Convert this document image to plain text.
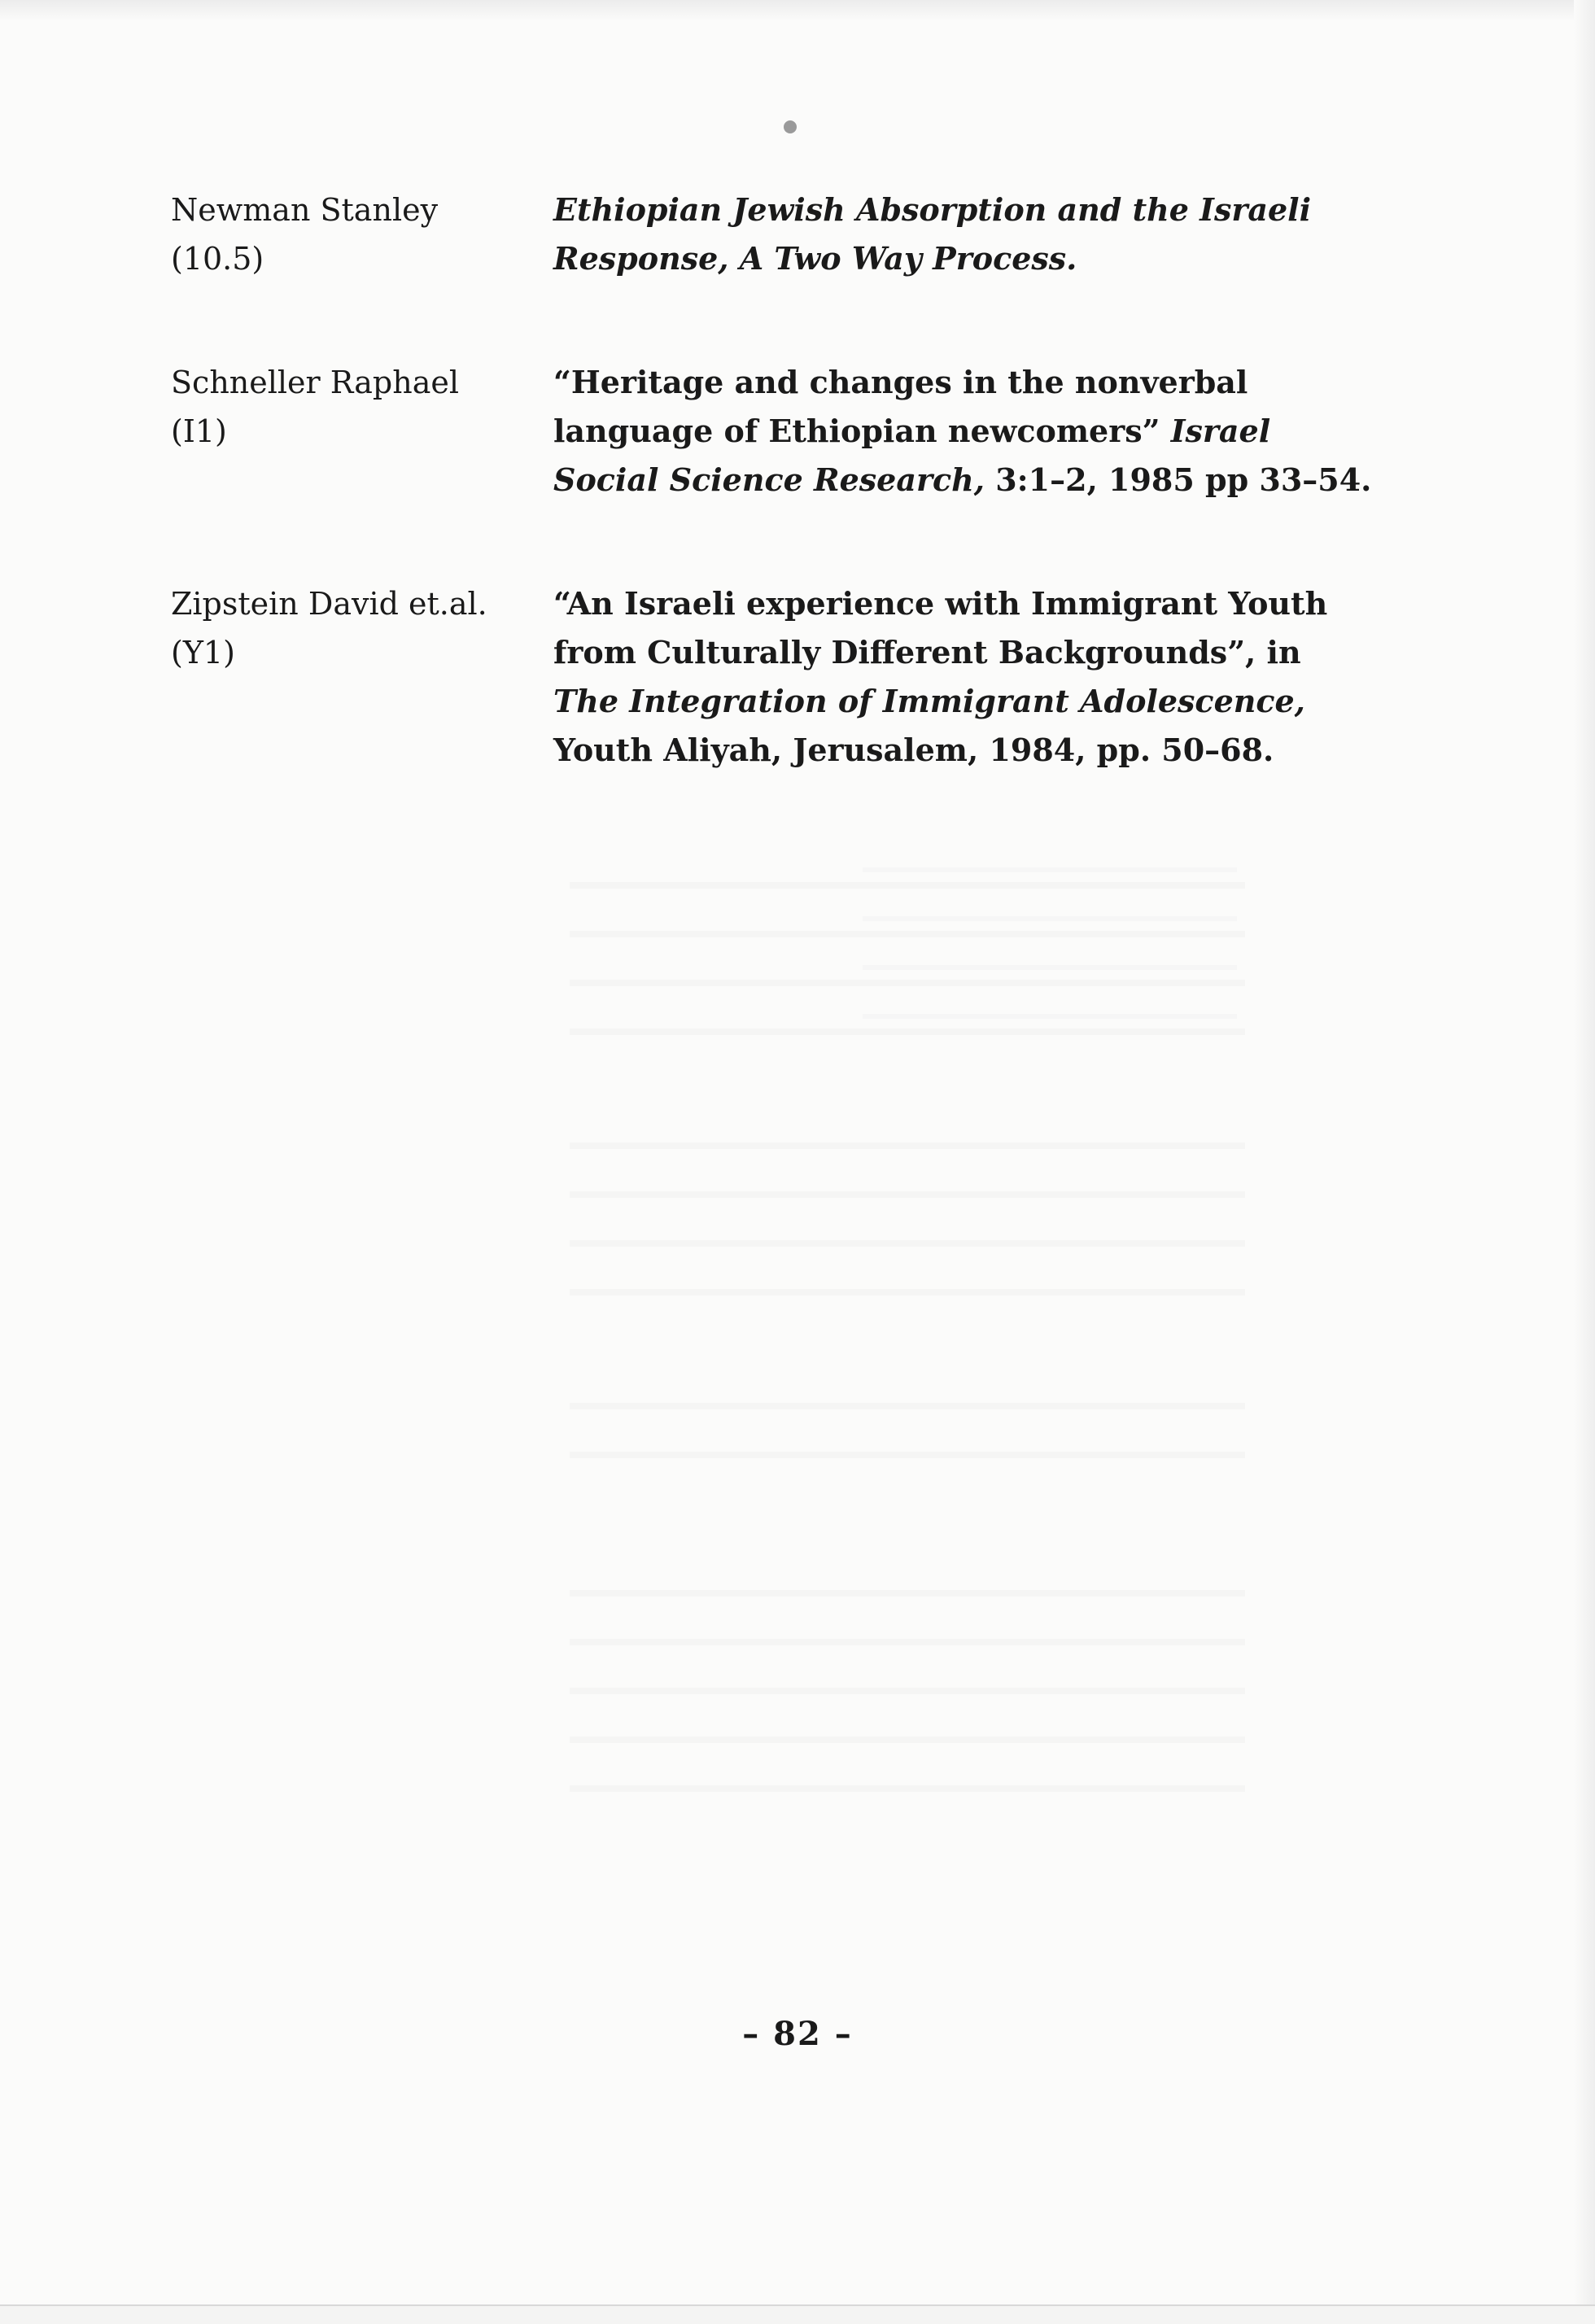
Newman Stanley
(10.5)
Ethiopian Jewish Absorption and the Israeli
Response, A Two Way Process.
Schneller Raphael
(I1)
“Heritage and changes in the nonverbal
language of Ethiopian newcomers” Israel
Social Science Research, 3:1–2, 1985 pp 33–54.
Zipstein David et.al.
(Y1)
“An Israeli experience with Immigrant Youth
from Culturally Different Backgrounds”, in
The Integration of Immigrant Adolescence,
Youth Aliyah, Jerusalem, 1984, pp. 50–68.
– 82 –
